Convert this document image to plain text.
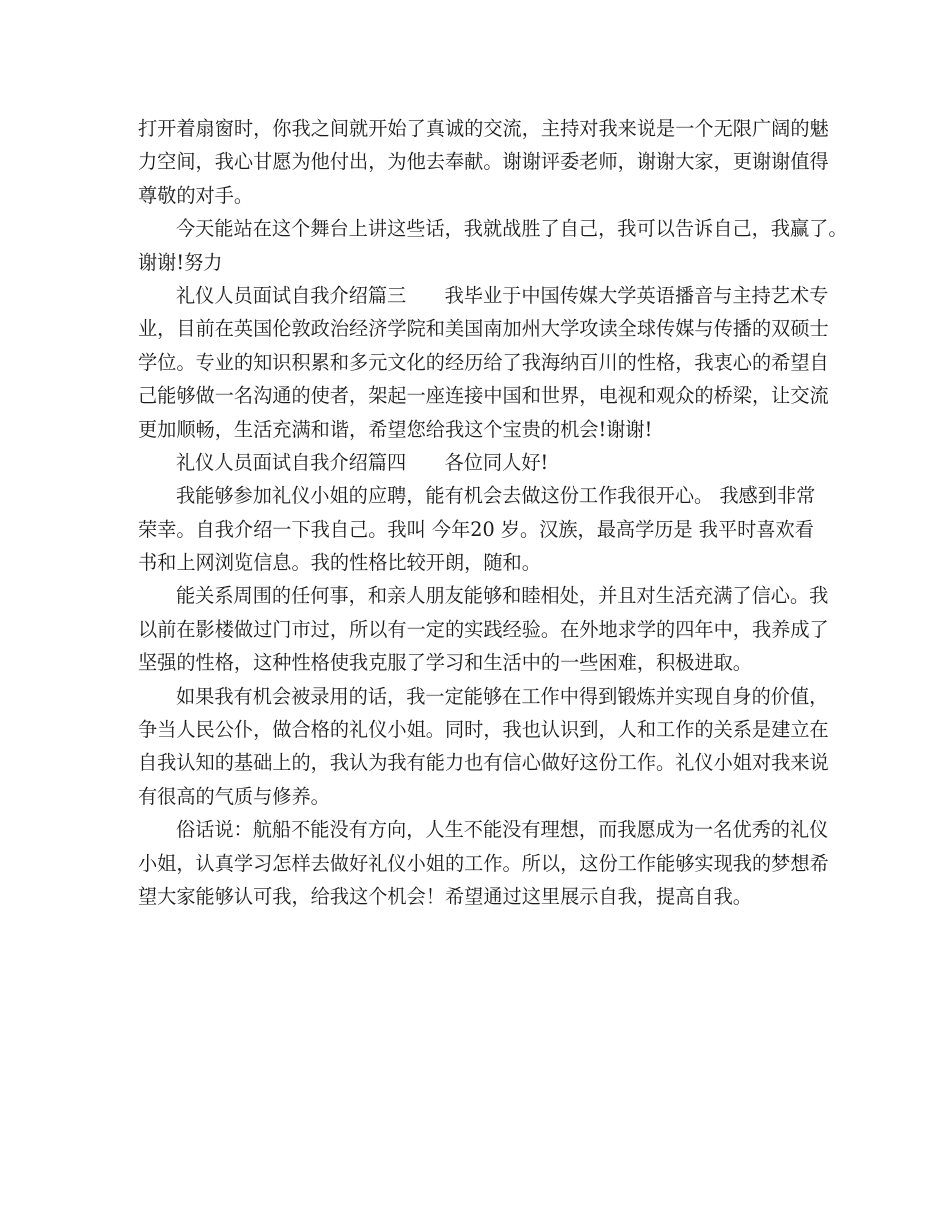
打开着扇窗时，你我之间就开始了真诚的交流，主持对我来说是一个无限广阔的魅
力空间，我心甘愿为他付出，为他去奉献。谢谢评委老师，谢谢大家，更谢谢值得
尊敬的对手。
今天能站在这个舞台上讲这些话，我就战胜了自己，我可以告诉自己，我赢了。
谢谢!努力
礼仪人员面试自我介绍篇三　　我毕业于中国传媒大学英语播音与主持艺术专
业，目前在英国伦敦政治经济学院和美国南加州大学攻读全球传媒与传播的双硕士
学位。专业的知识积累和多元文化的经历给了我海纳百川的性格，我衷心的希望自
己能够做一名沟通的使者，架起一座连接中国和世界，电视和观众的桥梁，让交流
更加顺畅，生活充满和谐，希望您给我这个宝贵的机会!谢谢!
礼仪人员面试自我介绍篇四　　各位同人好!
我能够参加礼仪小姐的应聘，能有机会去做这份工作我很开心。 我感到非常
荣幸。自我介绍一下我自己。我叫 今年20 岁。汉族，最高学历是 我平时喜欢看
书和上网浏览信息。我的性格比较开朗，随和。
能关系周围的任何事，和亲人朋友能够和睦相处，并且对生活充满了信心。我
以前在影楼做过门市过，所以有一定的实践经验。在外地求学的四年中，我养成了
坚强的性格，这种性格使我克服了学习和生活中的一些困难，积极进取。
如果我有机会被录用的话，我一定能够在工作中得到锻炼并实现自身的价值，
争当人民公仆，做合格的礼仪小姐。同时，我也认识到，人和工作的关系是建立在
自我认知的基础上的，我认为我有能力也有信心做好这份工作。礼仪小姐对我来说
有很高的气质与修养。
俗话说：航船不能没有方向，人生不能没有理想，而我愿成为一名优秀的礼仪
小姐，认真学习怎样去做好礼仪小姐的工作。所以，这份工作能够实现我的梦想希
望大家能够认可我，给我这个机会！希望通过这里展示自我，提高自我。
